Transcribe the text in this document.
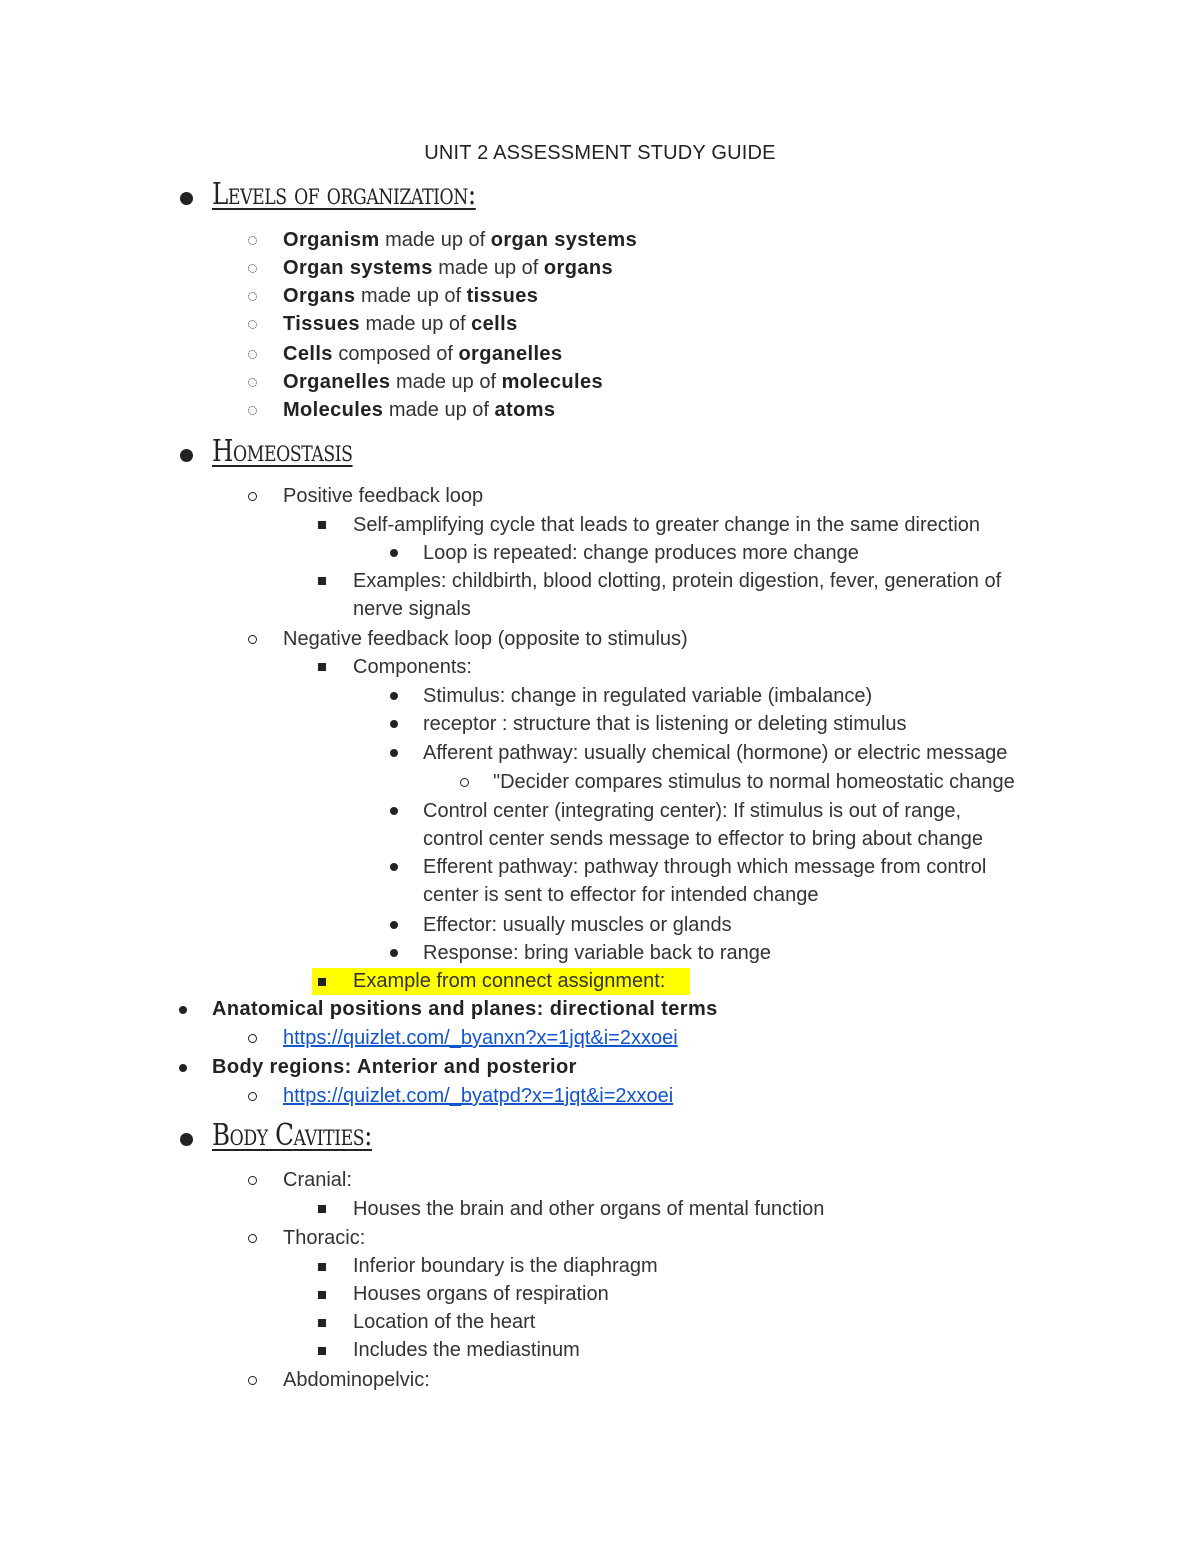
UNIT 2 ASSESSMENT STUDY GUIDE
Levels of organization:
Organism made up of organ systems
Organ systems made up of organs
Organs made up of tissues
Tissues made up of cells
Cells composed of organelles
Organelles made up of molecules
Molecules made up of atoms
Homeostasis
Positive feedback loop
Self-amplifying cycle that leads to greater change in the same direction
Loop is repeated: change produces more change
Examples: childbirth, blood clotting, protein digestion, fever, generation of
nerve signals
Negative feedback loop (opposite to stimulus)
Components:
Stimulus: change in regulated variable (imbalance)
receptor : structure that is listening or deleting stimulus
Afferent pathway: usually chemical (hormone) or electric message
"Decider compares stimulus to normal homeostatic change
Control center (integrating center): If stimulus is out of range,
control center sends message to effector to bring about change
Efferent pathway: pathway through which message from control
center is sent to effector for intended change
Effector: usually muscles or glands
Response: bring variable back to range
Example from connect assignment:
Anatomical positions and planes: directional terms
https://quizlet.com/_byanxn?x=1jqt&i=2xxoei
Body regions: Anterior and posterior
https://quizlet.com/_byatpd?x=1jqt&i=2xxoei
Body Cavities:
Cranial:
Houses the brain and other organs of mental function
Thoracic:
Inferior boundary is the diaphragm
Houses organs of respiration
Location of the heart
Includes the mediastinum
Abdominopelvic:
